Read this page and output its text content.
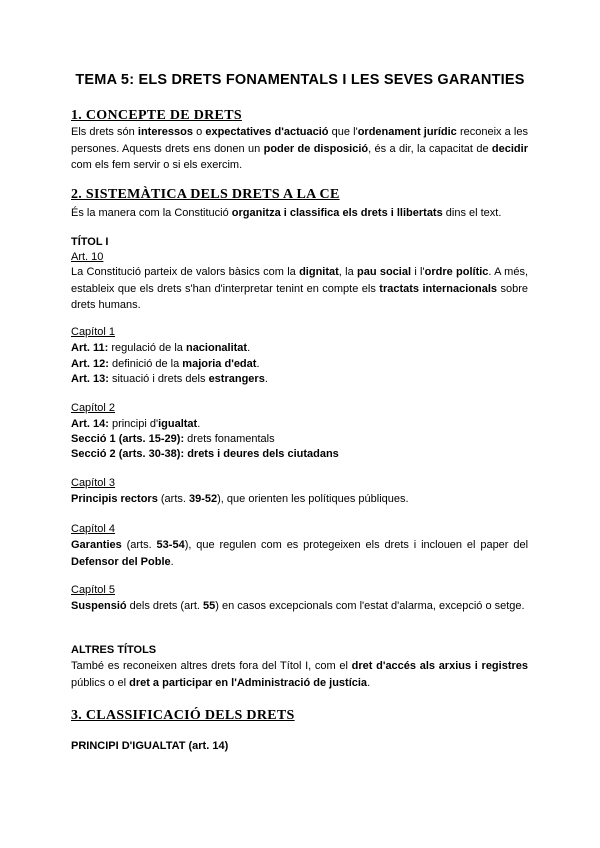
TEMA 5: ELS DRETS FONAMENTALS I LES SEVES GARANTIES
1. CONCEPTE DE DRETS
Els drets són interessos o expectatives d'actuació que l'ordenament jurídic reconeix a les persones. Aquests drets ens donen un poder de disposició, és a dir, la capacitat de decidir com els fem servir o si els exercim.
2. SISTEMÀTICA DELS DRETS A LA CE
És la manera com la Constitució organitza i classifica els drets i llibertats dins el text.
TÍTOL I
Art. 10
La Constitució parteix de valors bàsics com la dignitat, la pau social i l'ordre polític. A més, estableix que els drets s'han d'interpretar tenint en compte els tractats internacionals sobre drets humans.
Capítol 1
Art. 11: regulació de la nacionalitat.
Art. 12: definició de la majoria d'edat.
Art. 13: situació i drets dels estrangers.
Capítol 2
Art. 14: principi d'igualtat.
Secció 1 (arts. 15-29): drets fonamentals
Secció 2 (arts. 30-38): drets i deures dels ciutadans
Capítol 3
Principis rectors (arts. 39-52), que orienten les polítiques públiques.
Capítol 4
Garanties (arts. 53-54), que regulen com es protegeixen els drets i inclouen el paper del Defensor del Poble.
Capítol 5
Suspensió dels drets (art. 55) en casos excepcionals com l'estat d'alarma, excepció o setge.
ALTRES TÍTOLS
També es reconeixen altres drets fora del Títol I, com el dret d'accés als arxius i registres públics o el dret a participar en l'Administració de justícia.
3. CLASSIFICACIÓ DELS DRETS
PRINCIPI D'IGUALTAT (art. 14)
